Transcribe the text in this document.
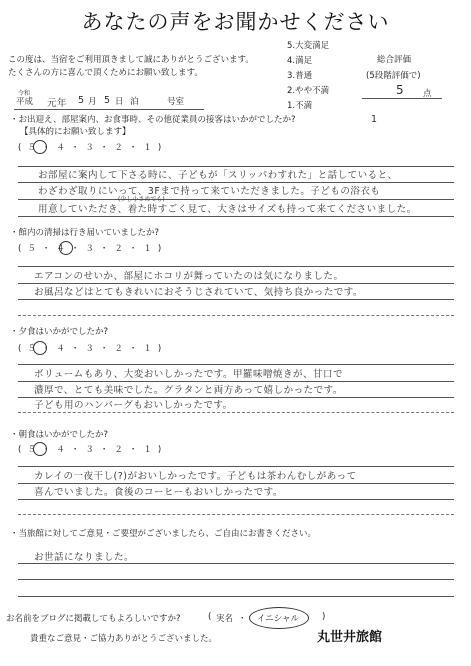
あなたの声をお聞かせください
この度は、当宿をご利用頂きまして誠にありがとうございます。
たくさんの方に喜んで頂くためにお願い致します。
5.大変満足
4.満足
3.普通
2.やや不満
1.不満
総合評価
(5段階評価で)
5 点
令和
平成 元年 5 月 5 日 泊	号室
1
・お出迎え、部屋案内、お食事時、その他従業員の接客はいかがでしたか?
【具体的にお願い致します】
(５・４・３・２・１)
お部屋に案内して下さる時に、子どもが「スリッパわすれた」と話していると、
わざわざ取りにいって、3Fまで持って来ていただきました。子どもの浴衣も
(少し小さめでも)
用意していただき、着た時すごく見て、大きはサイズも持って来てくださいました。
・館内の清掃は行き届いていましたか?
(５・４・３・２・１)
エアコンのせいか、部屋にホコリが舞っていたのは気になりました。
お風呂などはとてもきれいにおそうじされていて、気持ち良かったです。
・夕食はいかがでしたか?
(５・４・３・２・１)
ボリュームもあり、大変おいしかったです。甲羅味噌焼きが、甘口で
濃厚で、とても美味でした。グラタンと両方あって嬉しかったです。
子ども用のハンバーグもおいしかったです。
・朝食はいかがでしたか?
(５・４・３・２・１)
カレイの一夜干し(?)がおいしかったです。子どもは茶わんむしがあって
喜んでいました。食後のコーヒーもおいしかったです。
・当旅館に対してご意見・ご要望がございましたら、ご自由にお書きください。
お世話になりました。
お名前をブログに掲載してもよろしいですか?	( 実名 ・ イニシャル	)
貴重なご意見・ご協力ありがとうございました。	丸世井旅館
